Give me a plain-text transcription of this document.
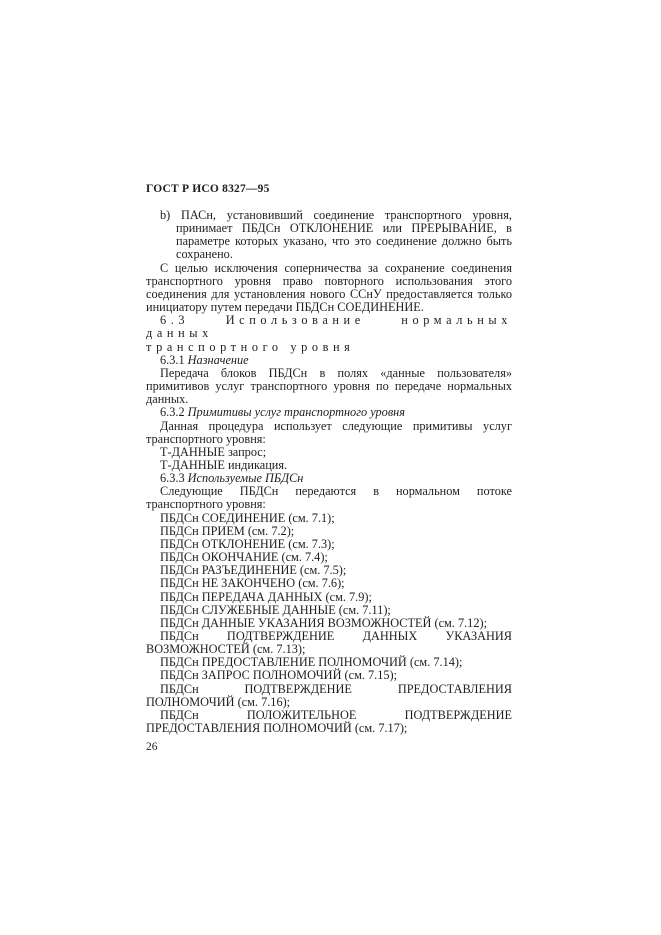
ГОСТ Р ИСО 8327—95

b) ПАСн, установивший соединение транспортного уровня, принимает ПБДСн ОТКЛОНЕНИЕ или ПРЕРЫВАНИЕ, в параметре которых указано, что это соединение должно быть сохранено.

С целью исключения соперничества за сохранение соединения транспортного уровня право повторного использования этого соединения для установления нового ССнУ предоставляется только инициатору путем передачи ПБДСн СОЕДИНЕНИЕ.

6.3	Использование нормальных данных

транспортного уровня

6.3.1 Назначение

Передача блоков ПБДСн в полях «данные пользователя» примитивов услуг транспортного уровня по передаче нормальных данных.

6.3.2 Примитивы услуг транспортного уровня

Данная процедура использует следующие примитивы услуг транспортного уровня:

Т-ДАННЫЕ запрос;

Т-ДАННЫЕ индикация.

6.3.3 Используемые ПБДСн

Следующие ПБДСн передаются в нормальном потоке транспортного уровня:

ПБДСн СОЕДИНЕНИЕ (см. 7.1);

ПБДСн ПРИЕМ (см. 7.2);

ПБДСн ОТКЛОНЕНИЕ (см. 7.3);

ПБДСн ОКОНЧАНИЕ (см. 7.4);

ПБДСн РАЗЪЕДИНЕНИЕ (см. 7.5);

ПБДСн НЕ ЗАКОНЧЕНО (см. 7.6);

ПБДСн ПЕРЕДАЧА ДАННЫХ (см. 7.9);

ПБДСн СЛУЖЕБНЫЕ ДАННЫЕ (см. 7.11);

ПБДСн ДАННЫЕ УКАЗАНИЯ ВОЗМОЖНОСТЕЙ (см. 7.12);

ПБДСн ПОДТВЕРЖДЕНИЕ ДАННЫХ УКАЗАНИЯ ВОЗМОЖНОСТЕЙ (см. 7.13);

ПБДСн ПРЕДОСТАВЛЕНИЕ ПОЛНОМОЧИЙ (см. 7.14);

ПБДСн ЗАПРОС ПОЛНОМОЧИЙ (см. 7.15);

ПБДСн ПОДТВЕРЖДЕНИЕ ПРЕДОСТАВЛЕНИЯ ПОЛНОМОЧИЙ (см. 7.16);

ПБДСн ПОЛОЖИТЕЛЬНОЕ ПОДТВЕРЖДЕНИЕ ПРЕДОСТАВЛЕНИЯ ПОЛНОМОЧИЙ (см. 7.17);

26
